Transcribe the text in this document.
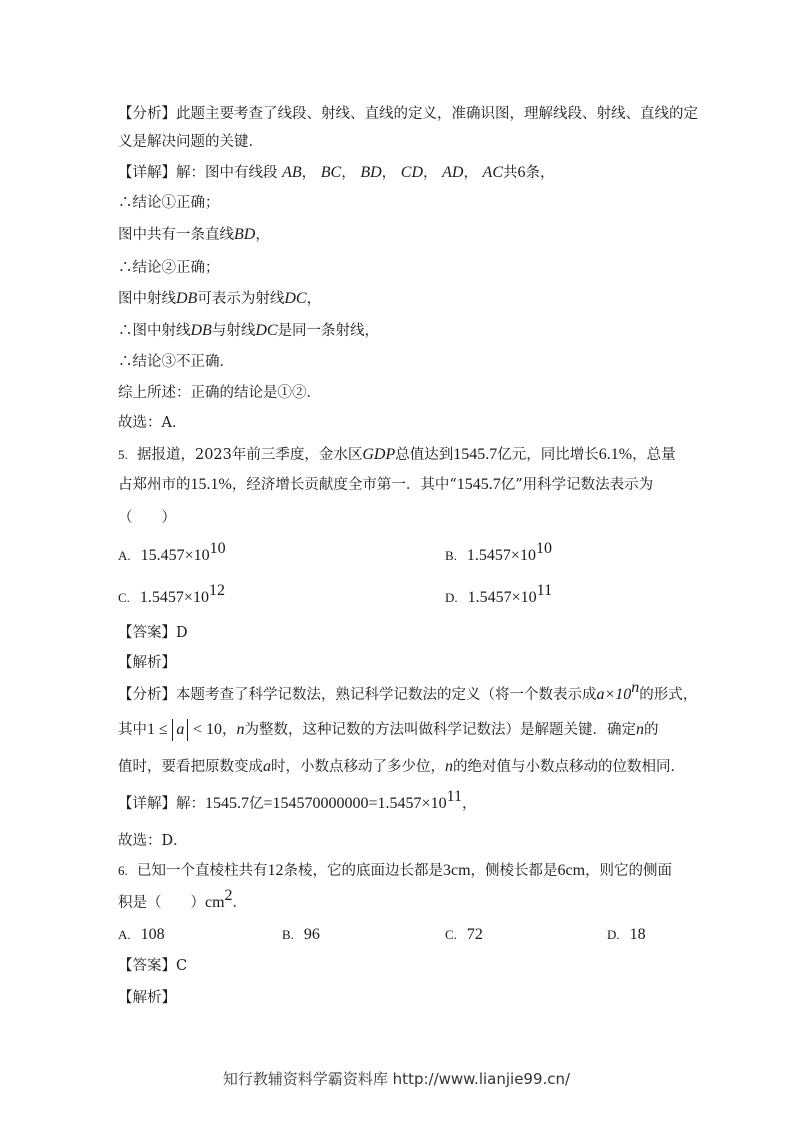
【分析】此题主要考查了线段、射线、直线的定义，准确识图，理解线段、射线、直线的定
义是解决问题的关键．
【详解】解：图中有线段 AB， BC， BD， CD， AD， AC共6条，
∴结论①正确；
图中共有一条直线BD，
∴结论②正确；
图中射线DB可表示为射线DC，
∴图中射线DB与射线DC是同一条射线，
∴结论③不正确．
综上所述：正确的结论是①②．
故选：A．
5. 据报道，2023年前三季度，金水区GDP总值达到1545.7亿元，同比增长6.1%，总量
占郑州市的15.1%，经济增长贡献度全市第一．其中“1545.7亿”用科学记数法表示为
（　　）
A. $15.457\times 10^{10}$	B. $1.5457\times 10^{10}$
C. $1.5457\times 10^{12}$	D. $1.5457\times 10^{11}$
【答案】D
【解析】
【分析】本题考查了科学记数法，熟记科学记数法的定义（将一个数表示成$a\times 10^n$的形式，
其中1 ≤ a < 10，n为整数，这种记数的方法叫做科学记数法）是解题关键．确定n的
值时，要看把原数变成a时，小数点移动了多少位，n的绝对值与小数点移动的位数相同．
【详解】解：1545.7亿$=154570000000=1.5457\times 10^{11}$，
故选：D．
6. 已知一个直棱柱共有12条棱，它的底面边长都是3cm，侧棱长都是6cm，则它的侧面
积是（　　）$cm^2$．
A. 108	B. 96	C. 72	D. 18
【答案】C
【解析】
知行教辅资料学霸资料库 http://www.lianjie99.cn/
